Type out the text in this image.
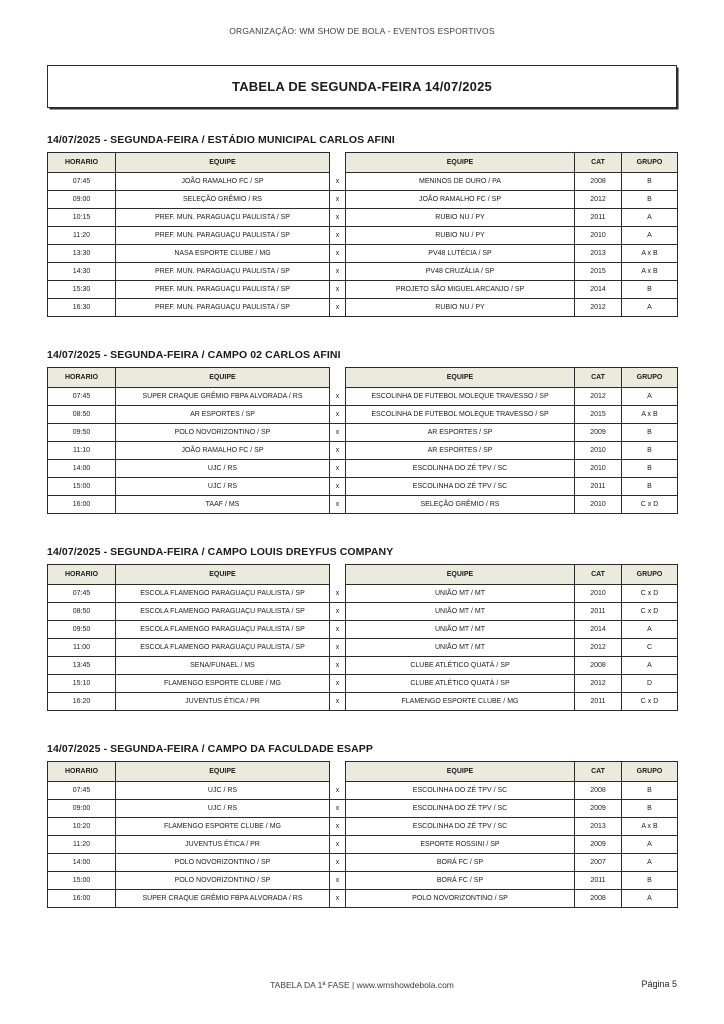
ORGANIZAÇÃO: WM SHOW DE BOLA - EVENTOS ESPORTIVOS
TABELA DE SEGUNDA-FEIRA 14/07/2025
14/07/2025 - SEGUNDA-FEIRA / ESTÁDIO MUNICIPAL CARLOS AFINI
HORARIO	EQUIPE		EQUIPE	CAT	GRUPO
07:45	JOÃO RAMALHO FC / SP	x	MENINOS DE OURO / PA	2008	B
09:00	SELEÇÃO GRÊMIO / RS	x	JOÃO RAMALHO FC / SP	2012	B
10:15	PREF. MUN. PARAGUAÇU PAULISTA / SP	x	RUBIO NU / PY	2011	A
11:20	PREF. MUN. PARAGUAÇU PAULISTA / SP	x	RUBIO NU / PY	2010	A
13:30	NASA ESPORTE CLUBE / MG	x	PV48 LUTÉCIA / SP	2013	A x B
14:30	PREF. MUN. PARAGUAÇU PAULISTA / SP	x	PV48 CRUZÁLIA / SP	2015	A x B
15:30	PREF. MUN. PARAGUAÇU PAULISTA / SP	x	PROJETO SÃO MIGUEL ARCANJO / SP	2014	B
16:30	PREF. MUN. PARAGUAÇU PAULISTA / SP	x	RUBIO NU / PY	2012	A
14/07/2025 - SEGUNDA-FEIRA / CAMPO 02 CARLOS AFINI
HORARIO	EQUIPE		EQUIPE	CAT	GRUPO
07:45	SUPER CRAQUE GRÊMIO FBPA ALVORADA / RS	x	ESCOLINHA DE FUTEBOL MOLEQUE TRAVESSO / SP	2012	A
08:50	AR ESPORTES / SP	x	ESCOLINHA DE FUTEBOL MOLEQUE TRAVESSO / SP	2015	A x B
09:50	POLO NOVORIZONTINO / SP	x	AR ESPORTES / SP	2009	B
11:10	JOÃO RAMALHO FC / SP	x	AR ESPORTES / SP	2010	B
14:00	UJC / RS	x	ESCOLINHA DO ZÉ TPV / SC	2010	B
15:00	UJC / RS	x	ESCOLINHA DO ZÉ TPV / SC	2011	B
16:00	TAAF / MS	x	SELEÇÃO GRÊMIO / RS	2010	C x D
14/07/2025 - SEGUNDA-FEIRA / CAMPO LOUIS DREYFUS COMPANY
HORARIO	EQUIPE		EQUIPE	CAT	GRUPO
07:45	ESCOLA FLAMENGO PARAGUAÇU PAULISTA / SP	x	UNIÃO MT / MT	2010	C x D
08:50	ESCOLA FLAMENGO PARAGUAÇU PAULISTA / SP	x	UNIÃO MT / MT	2011	C x D
09:50	ESCOLA FLAMENGO PARAGUAÇU PAULISTA / SP	x	UNIÃO MT / MT	2014	A
11:00	ESCOLA FLAMENGO PARAGUAÇU PAULISTA / SP	x	UNIÃO MT / MT	2012	C
13:45	SENA/FUNAEL / MS	x	CLUBE ATLÉTICO QUATÁ / SP	2008	A
15:10	FLAMENGO ESPORTE CLUBE / MG	x	CLUBE ATLÉTICO QUATÁ / SP	2012	D
16:20	JUVENTUS ÉTICA / PR	x	FLAMENGO ESPORTE CLUBE / MG	2011	C x D
14/07/2025 - SEGUNDA-FEIRA / CAMPO DA FACULDADE ESAPP
HORARIO	EQUIPE		EQUIPE	CAT	GRUPO
07:45	UJC / RS	x	ESCOLINHA DO ZÉ TPV / SC	2008	B
09:00	UJC / RS	x	ESCOLINHA DO ZÉ TPV / SC	2009	B
10:20	FLAMENGO ESPORTE CLUBE / MG	x	ESCOLINHA DO ZÉ TPV / SC	2013	A x B
11:20	JUVENTUS ÉTICA / PR	x	ESPORTE ROSSINI / SP	2009	A
14:00	POLO NOVORIZONTINO / SP	x	BORÁ FC / SP	2007	A
15:00	POLO NOVORIZONTINO / SP	x	BORÁ FC / SP	2011	B
16:00	SUPER CRAQUE GRÊMIO FBPA ALVORADA / RS	x	POLO NOVORIZONTINO / SP	2008	A
TABELA DA 1ª FASE | www.wmshowdebola.com	Página 5
